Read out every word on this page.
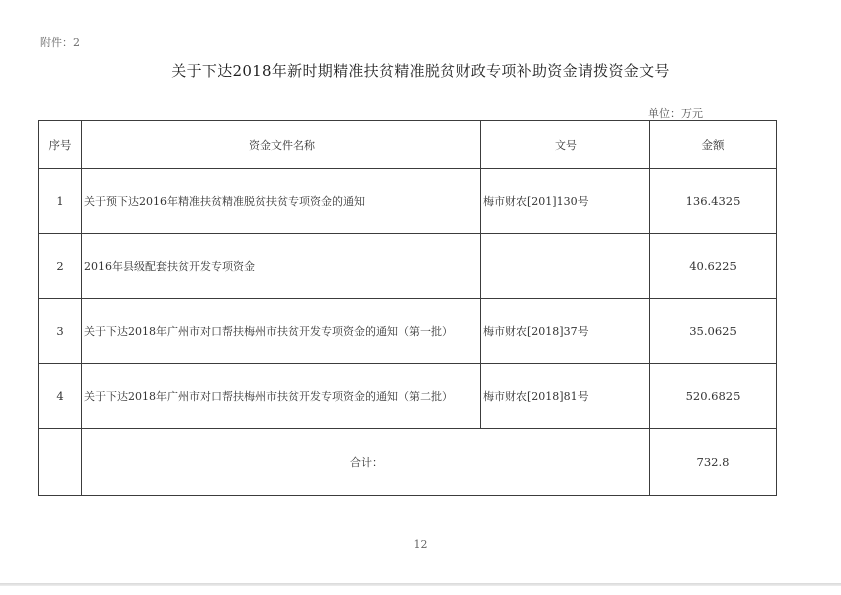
附件：2
关于下达2018年新时期精准扶贫精准脱贫财政专项补助资金请拨资金文号
单位：万元
序号	资金文件名称	文号	金额
1	关于预下达2016年精准扶贫精准脱贫扶贫专项资金的通知	梅市财农[201]130号	136.4325
2	2016年县级配套扶贫开发专项资金		40.6225
3	关于下达2018年广州市对口帮扶梅州市扶贫开发专项资金的通知（第一批）	梅市财农[2018]37号	35.0625
4	关于下达2018年广州市对口帮扶梅州市扶贫开发专项资金的通知（第二批）	梅市财农[2018]81号	520.6825
	合计：		732.8
12
